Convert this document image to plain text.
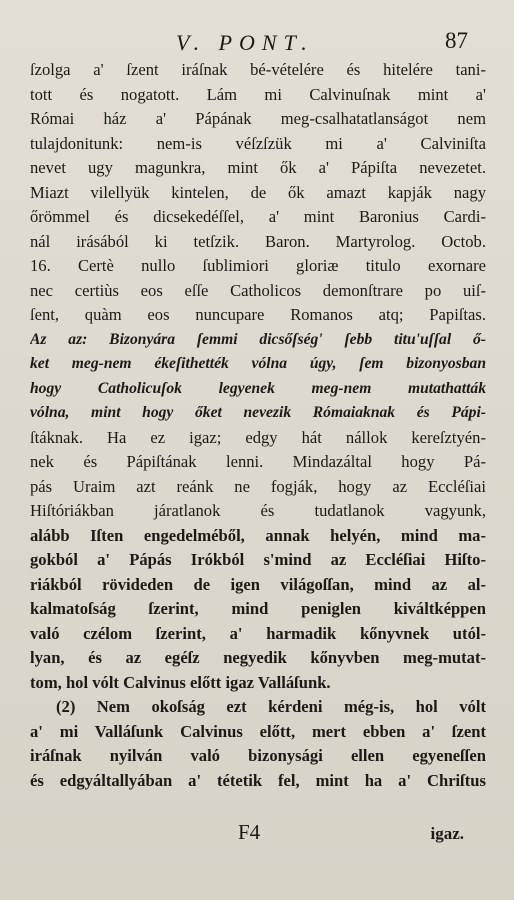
V. PONT.	87
ſzolga a' ſzent iráſnak bé-vételére és hitelére tani-
tott és nogatott. Lám mi Calvinuſnak mint a'
Római ház a' Pápának meg-csalhatatlanságot nem
tulajdonitunk: nem-is véſzſzük mi a' Calviniſta
nevet ugy magunkra, mint ők a' Pápiſta nevezetet.
Miazt vilellyük kintelen, de ők amazt kapják nagy
őrömmel és dicsekedéſſel, a' mint Baronius Cardi-
nál irásából ki tetſzik. Baron. Martyrolog. Octob.
16. Certè nullo ſublimiori gloriæ titulo exornare
nec certiùs eos eſſe Catholicos demonſtrare po uiſ-
ſent, quàm eos nuncupare Romanos atq; Papiſtas.
Az az: Bizonyára ſemmi dicsőſség' ſebb titu'uſſal ő-
ket meg-nem ékeſithették vólna úgy, ſem bizonyosban
hogy Catholicuſok legyenek meg-nem mutathatták
vólna, mint hogy őket nevezik Rómaiaknak és Pápi-
ſtáknak. Ha ez igaz; edgy hát nállok kereſztyén-
nek és Pápiſtának lenni. Mindazáltal hogy Pá-
pás Uraim azt reánk ne fogják, hogy az Eccléſiai
Hiſtóriákban járatlanok és tudatlanok vagyunk,
alább Iſten engedelméből, annak helyén, mind ma-
gokból a' Pápás Irókból s'mind az Eccléſiai Hiſto-
riákból rövideden de igen világoſſan, mind az al-
kalmatoſság ſzerint, mind peniglen kiváltképpen
való czélom ſzerint, a' harmadik kőnyvnek utól-
lyan, és az egéſz negyedik kőnyvben meg-mutat-
tom, hol vólt Calvinus előtt igaz Valláſunk.
(2) Nem okoſság ezt kérdeni még-is, hol vólt
a' mi Valláſunk Calvinus előtt, mert ebben a' ſzent
iráſnak nyilván való bizonysági ellen egyeneſſen
és edgyáltallyában a' tétetik fel, mint ha a' Chriſtus
F4	igaz.
